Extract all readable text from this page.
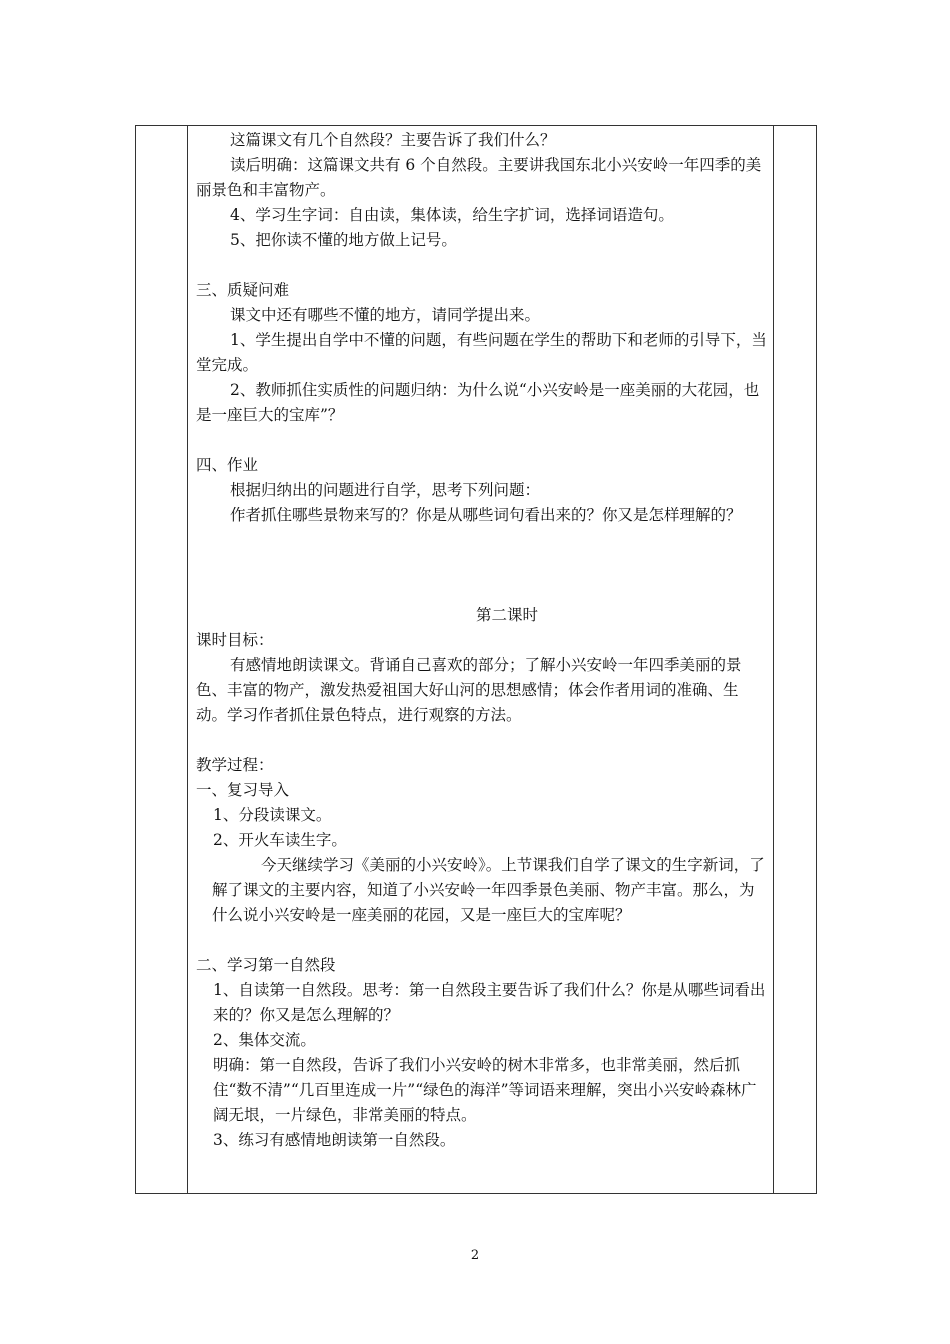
这篇课文有几个自然段？主要告诉了我们什么？

读后明确：这篇课文共有 6 个自然段。主要讲我国东北小兴安岭一年四季的美丽景色和丰富物产。

4、学习生字词：自由读，集体读，给生字扩词，选择词语造句。

5、把你读不懂的地方做上记号。

三、质疑问难

课文中还有哪些不懂的地方，请同学提出来。

1、学生提出自学中不懂的问题，有些问题在学生的帮助下和老师的引导下，当堂完成。

2、教师抓住实质性的问题归纳：为什么说“小兴安岭是一座美丽的大花园，也是一座巨大的宝库”？

四、作业

根据归纳出的问题进行自学，思考下列问题：

作者抓住哪些景物来写的？你是从哪些词句看出来的？你又是怎样理解的？

第二课时

课时目标：

有感情地朗读课文。背诵自己喜欢的部分；了解小兴安岭一年四季美丽的景色、丰富的物产，激发热爱祖国大好山河的思想感情；体会作者用词的准确、生动。学习作者抓住景色特点，进行观察的方法。

教学过程：

一、复习导入

1、分段读课文。

2、开火车读生字。

今天继续学习《美丽的小兴安岭》。上节课我们自学了课文的生字新词，了解了课文的主要内容，知道了小兴安岭一年四季景色美丽、物产丰富。那么，为什么说小兴安岭是一座美丽的花园，又是一座巨大的宝库呢？

二、学习第一自然段

1、自读第一自然段。思考：第一自然段主要告诉了我们什么？你是从哪些词看出来的？你又是怎么理解的？

2、集体交流。

明确：第一自然段，告诉了我们小兴安岭的树木非常多，也非常美丽，然后抓住“数不清”“几百里连成一片”“绿色的海洋”等词语来理解，突出小兴安岭森林广阔无垠，一片绿色，非常美丽的特点。

3、练习有感情地朗读第一自然段。

2
